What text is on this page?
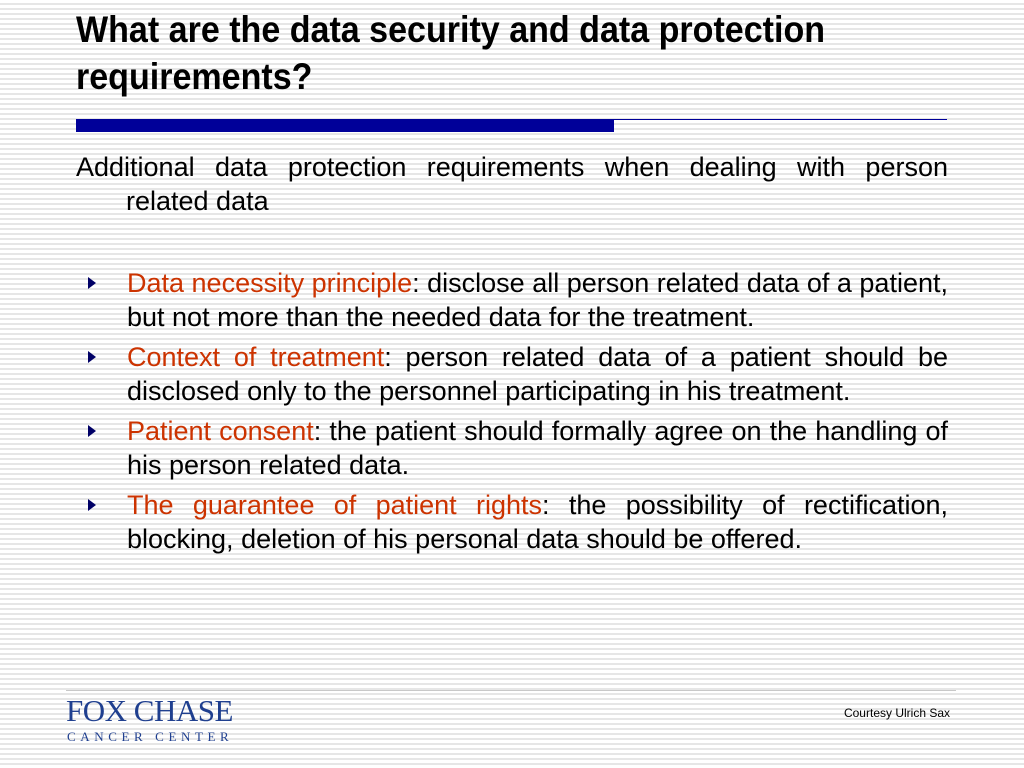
What are the data security and data protection requirements?
Additional data protection requirements when dealing with person related data
Data necessity principle: disclose all person related data of a patient, but not more than the needed data for the treatment.
Context of treatment: person related data of a patient should be disclosed only to the personnel participating in his treatment.
Patient consent: the patient should formally agree on the handling of his person related data.
The guarantee of patient rights: the possibility of rectification, blocking, deletion of his personal data should be offered.
FOX CHASE
CANCER CENTER
Courtesy Ulrich Sax
